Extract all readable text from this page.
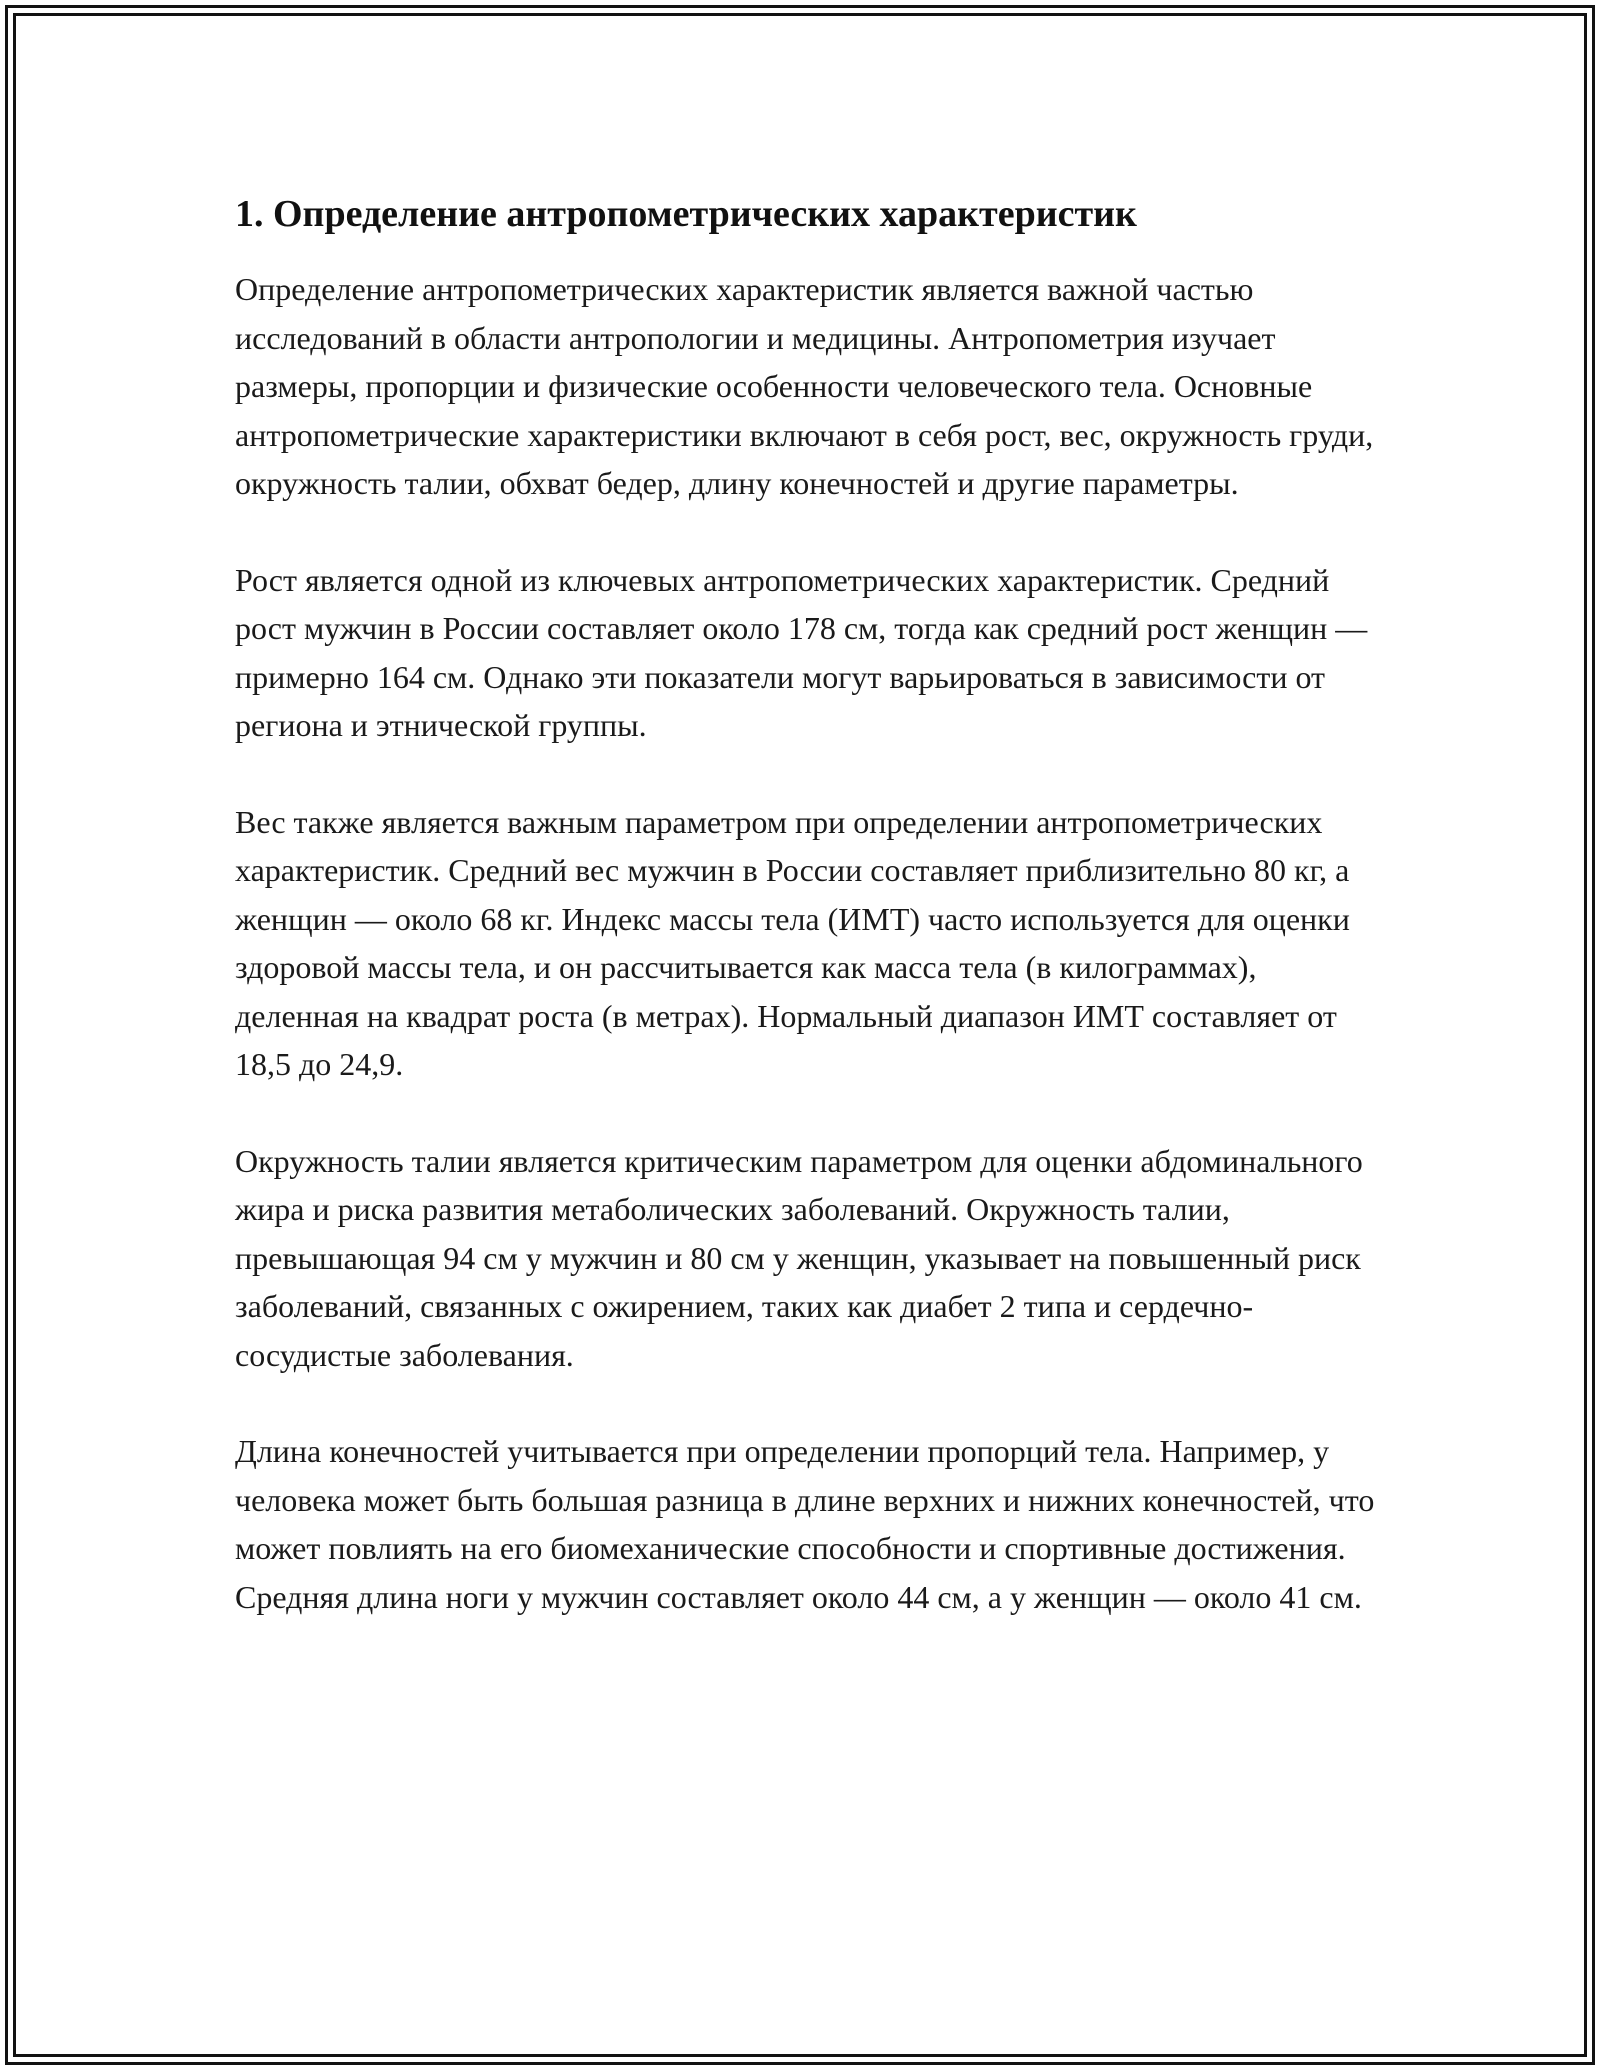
1. Определение антропометрических характеристик

Определение антропометрических характеристик является важной частью исследований в области антропологии и медицины. Антропометрия изучает размеры, пропорции и физические особенности человеческого тела. Основные антропометрические характеристики включают в себя рост, вес, окружность груди, окружность талии, обхват бедер, длину конечностей и другие параметры.

Рост является одной из ключевых антропометрических характеристик. Средний рост мужчин в России составляет около 178 см, тогда как средний рост женщин — примерно 164 см. Однако эти показатели могут варьироваться в зависимости от региона и этнической группы.

Вес также является важным параметром при определении антропометрических характеристик. Средний вес мужчин в России составляет приблизительно 80 кг, а женщин — около 68 кг. Индекс массы тела (ИМТ) часто используется для оценки здоровой массы тела, и он рассчитывается как масса тела (в килограммах), деленная на квадрат роста (в метрах). Нормальный диапазон ИМТ составляет от 18,5 до 24,9.

Окружность талии является критическим параметром для оценки абдоминального жира и риска развития метаболических заболеваний. Окружность талии, превышающая 94 см у мужчин и 80 см у женщин, указывает на повышенный риск заболеваний, связанных с ожирением, таких как диабет 2 типа и сердечно-сосудистые заболевания.

Длина конечностей учитывается при определении пропорций тела. Например, у человека может быть большая разница в длине верхних и нижних конечностей, что может повлиять на его биомеханические способности и спортивные достижения. Средняя длина ноги у мужчин составляет около 44 см, а у женщин — около 41 см.
